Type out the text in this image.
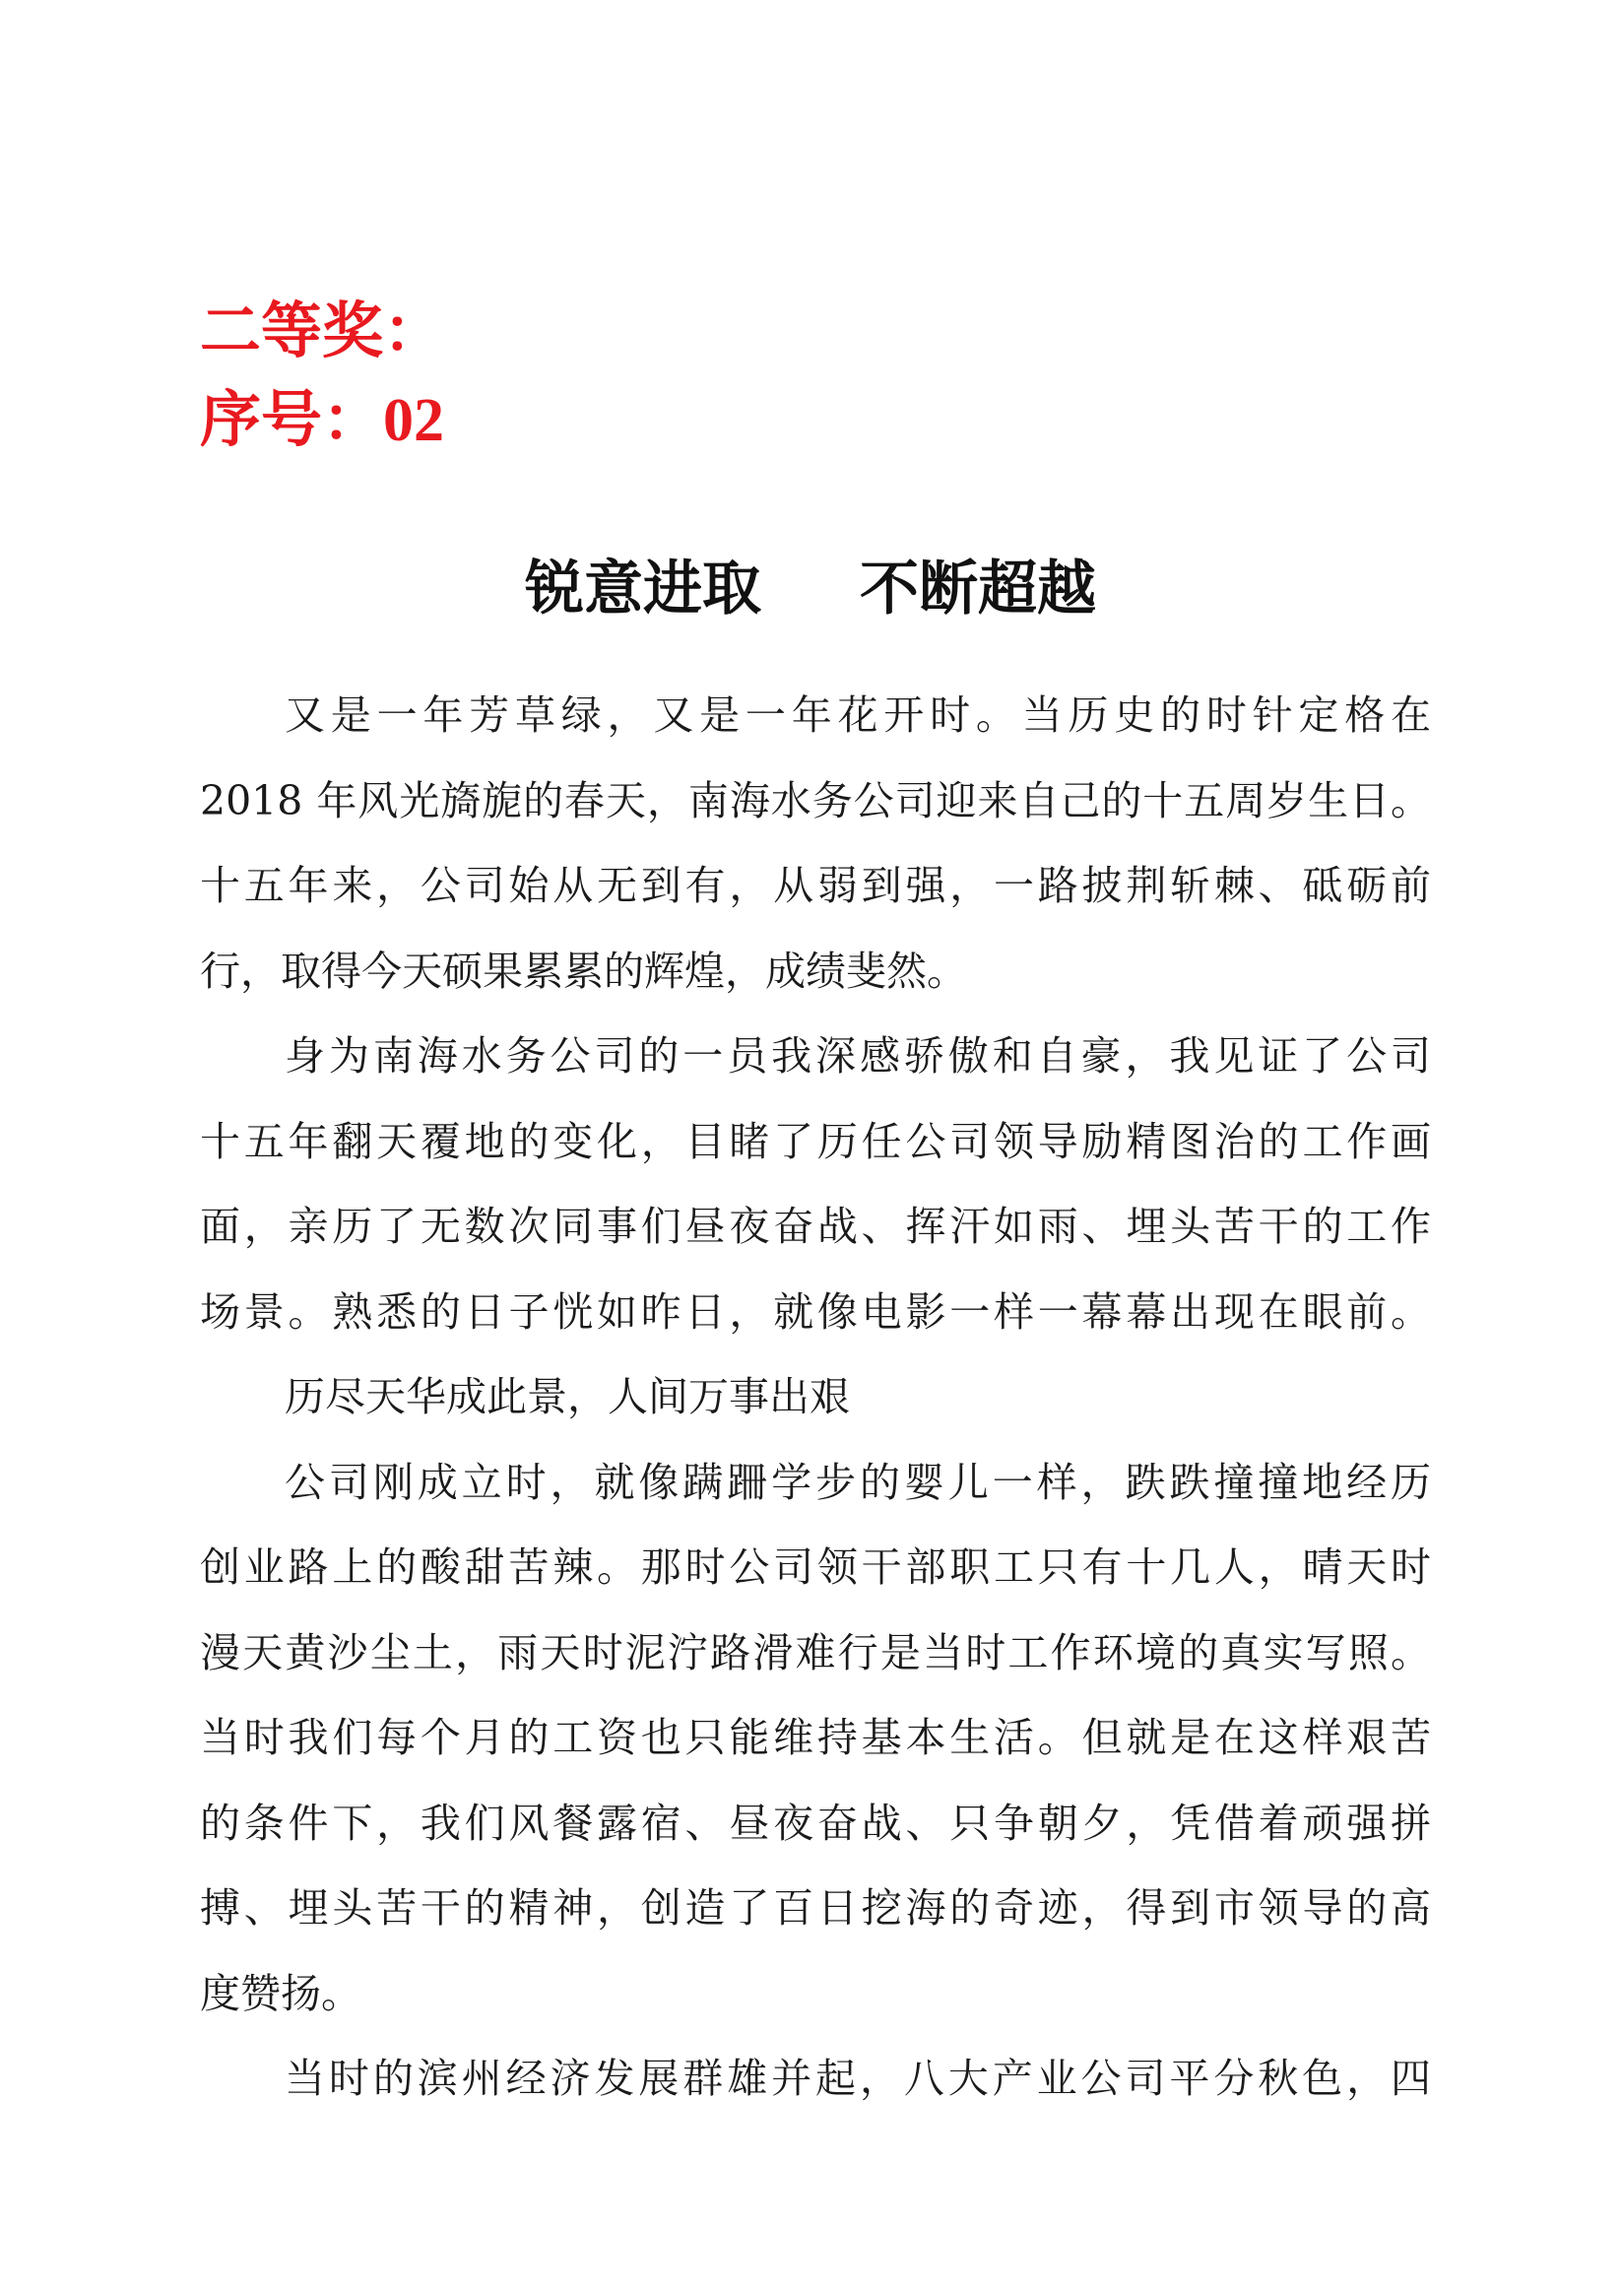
二等奖：
序号：02
锐意进取 不断超越
又是一年芳草绿，又是一年花开时。当历史的时针定格在
2018 年风光旖旎的春天，南海水务公司迎来自己的十五周岁生日。
十五年来，公司始从无到有，从弱到强，一路披荆斩棘、砥砺前
行，取得今天硕果累累的辉煌，成绩斐然。
身为南海水务公司的一员我深感骄傲和自豪，我见证了公司
十五年翻天覆地的变化，目睹了历任公司领导励精图治的工作画
面，亲历了无数次同事们昼夜奋战、挥汗如雨、埋头苦干的工作
场景。熟悉的日子恍如昨日，就像电影一样一幕幕出现在眼前。
历尽天华成此景，人间万事出艰
公司刚成立时，就像蹒跚学步的婴儿一样，跌跌撞撞地经历
创业路上的酸甜苦辣。那时公司领干部职工只有十几人，晴天时
漫天黄沙尘土，雨天时泥泞路滑难行是当时工作环境的真实写照。
当时我们每个月的工资也只能维持基本生活。但就是在这样艰苦
的条件下，我们风餐露宿、昼夜奋战、只争朝夕，凭借着顽强拼
搏、埋头苦干的精神，创造了百日挖海的奇迹，得到市领导的高
度赞扬。
当时的滨州经济发展群雄并起，八大产业公司平分秋色，四
